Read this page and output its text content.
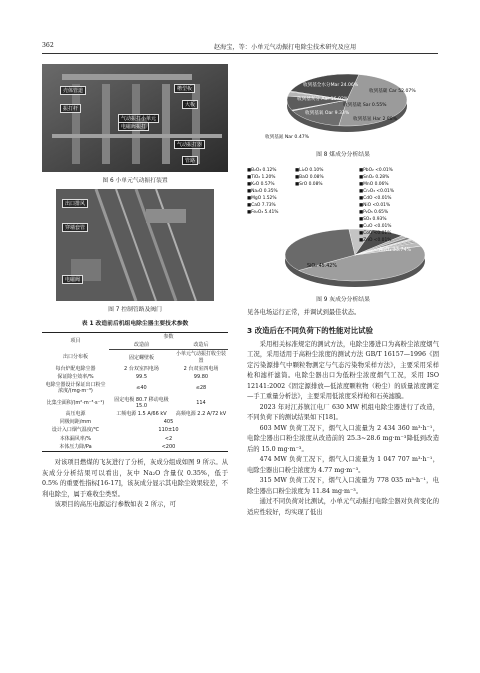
362	赵海宝，等：小单元气动振打电除尘技术研究及应用
壳体管道
振打杆
槽型板
气动振打小单元
电磁阀振打
大板
气动振打器
管路
图 6 小单元气动振打装置
出口排风
穿墙套管
电磁阀
图 7 控制管路及阀门
表 1 改造前后机组电除尘器主要技术参数
项目	参数	
	改造前	改造后
出口分布板	固定螺壁板	小单元气动振打收尘装置
每台炉配电除尘器	2 台双室四电场	2 台双室四电场
保证除尘效率/%	99.5	99.80
电除尘器设计保证出口粉尘浓度/(mg·m⁻³)	≤40	≤28
比集尘面积/(m²·m⁻³·s⁻¹)	固定电极 80.7 移动电极 15.0	114
高压电源	工频电源 1.5 A/66 kV	高频电源 2.2 A/72 kV
同极间距/mm	405	
设计入口烟气温度/℃	110±10	
本体漏风率/%	<2	
本体压力降/Pa	<200	

对该项目燃煤的飞灰进行了分析，灰成分组成如图 9 所示。从灰成分分析结果可以看出，灰中 Na₂O 含量仅 0.35%，低于 0.5% 的重要性指标[16-17]，该灰成分显示其电除尘效果较差，不利电除尘，属于难收尘类型。

该项目的高压电源运行参数如表 2 所示，可

收到基全水分Mar 24.06%
收到基碳 Car 52.07%
收到基灰分 Aar 16.92%
收到基硫 Sar 0.55%
收到基氧 Oar 9.33%
收到基氢 Har 2.88%
收到基氮 Nar 0.47%
图 8 煤成分分析结果
■B₂O₃ 0.12%
■TiO₂ 1.20%
■K₂O 0.57%
■Na₂O 0.35%
■MgO 1.52%
■CaO 7.73%
■Fe₂O₃ 5.41%
■Li₂O 0.10%
■BaO 0.08%
■SrO 0.08%
■PbO₂ <0.01%
■SnO₂ 0.28%
■MnO 0.06%
■Cr₂O₃ <0.01%
■CdO <0.01%
■NiO <0.01%
■P₂O₅ 0.65%
■SO₃ 0.93%
■CuO <0.01%
■CoO <0.01%
■ZnO <0.01%
Al₂O₃ 33.74%
SiO₂ 45.42%
图 9 灰成分分析结果

见各电场运行正常，并调试到最佳状态。

3 改造后在不同负荷下的性能对比试验

采用相关标准规定的测试方法，电除尘器进口为高粉尘浓度烟气工况，采用适用于高粉尘浓度的测试方法 GB/T 16157—1996《固定污染源排气中颗粒物测定与气态污染物采样方法》，主要采用采样枪和滤杆滤筒。电除尘器出口为低粉尘浓度烟气工况，采用 ISO 12141:2002《固定源排放—低浓度颗粒物（粉尘）的质量浓度测定—手工重量分析法》，主要采用低浓度采样枪和石英滤膜。

2023 年对江苏镇江电厂 630 MW 机组电除尘器进行了改造，不同负荷下的测试结果如下[18]。

603 MW 负荷工况下，烟气入口流量为 2 434 360 m³·h⁻¹，电除尘器出口粉尘浓度从改造前的 25.3~28.6 mg·m⁻³降低到改造后的 15.0 mg·m⁻³。

474 MW 负荷工况下，烟气入口流量为 1 047 707 m³·h⁻¹，电除尘器出口粉尘浓度为 4.77 mg·m⁻³。

315 MW 负荷工况下，烟气入口流量为 778 035 m³·h⁻¹，电除尘器出口粉尘浓度为 11.84 mg·m⁻³。

通过不同负荷对比测试，小单元气动振打电除尘器对负荷变化的适应性较好，均实现了低出
